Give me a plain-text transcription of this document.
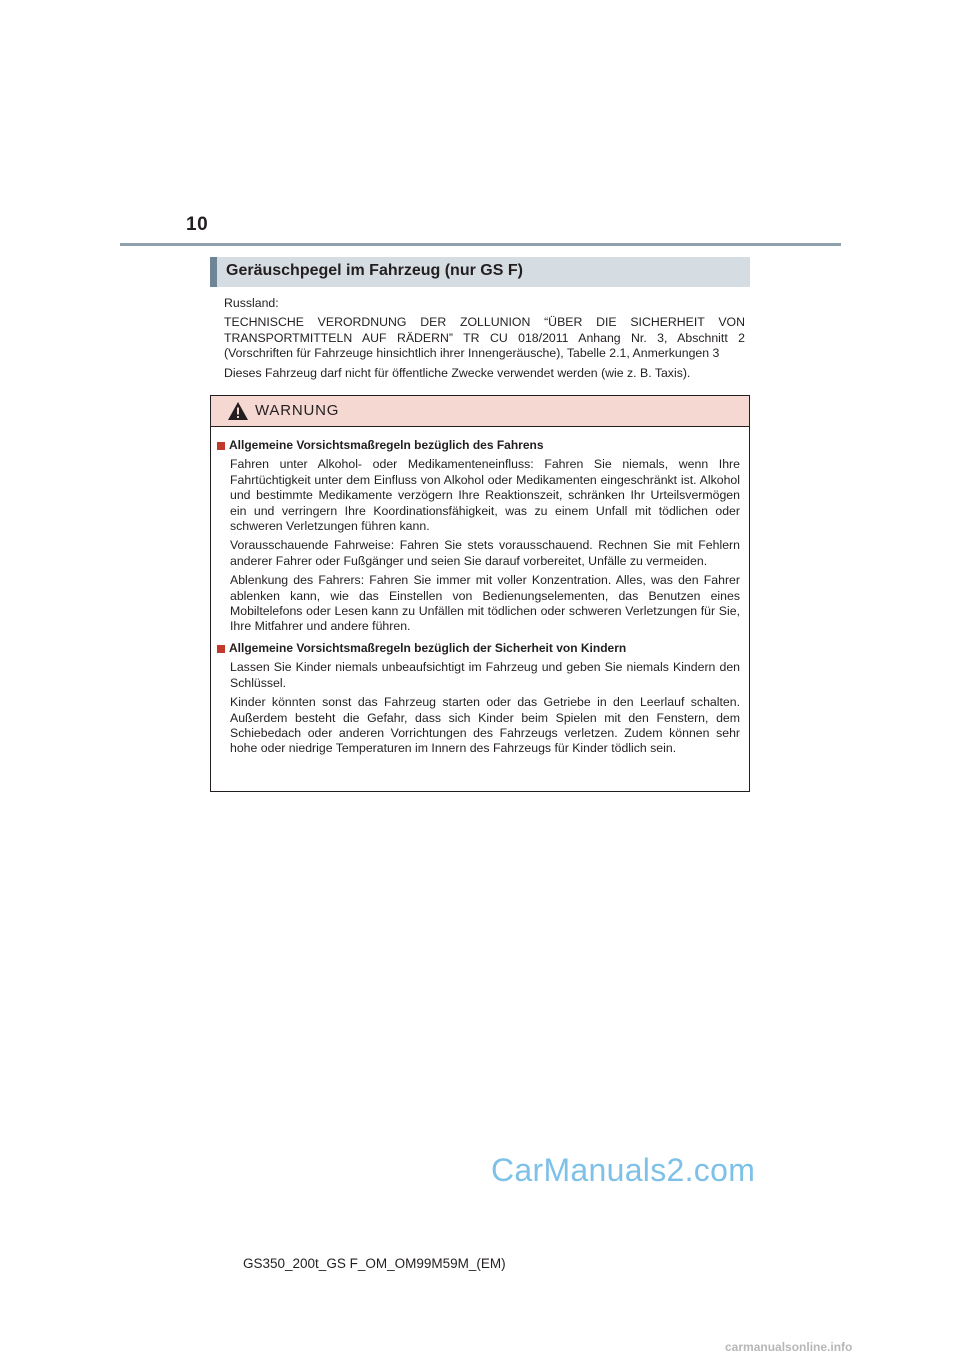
10
Geräuschpegel im Fahrzeug (nur GS F)

Russland:

TECHNISCHE VERORDNUNG DER ZOLLUNION “ÜBER DIE SICHERHEIT VON TRANSPORTMITTELN AUF RÄDERN” TR CU 018/2011 Anhang Nr. 3, Abschnitt 2 (Vorschriften für Fahrzeuge hinsichtlich ihrer Innengeräusche), Tabelle 2.1, Anmerkungen 3

Dieses Fahrzeug darf nicht für öffentliche Zwecke verwendet werden (wie z. B. Taxis).

WARNUNG

Allgemeine Vorsichtsmaßregeln bezüglich des Fahrens

Fahren unter Alkohol- oder Medikamenteneinfluss: Fahren Sie niemals, wenn Ihre Fahrtüchtigkeit unter dem Einfluss von Alkohol oder Medikamenten eingeschränkt ist. Alkohol und bestimmte Medikamente verzögern Ihre Reaktionszeit, schränken Ihr Urteilsvermögen ein und verringern Ihre Koordinationsfähigkeit, was zu einem Unfall mit tödlichen oder schweren Verletzungen führen kann.

Vorausschauende Fahrweise: Fahren Sie stets vorausschauend. Rechnen Sie mit Fehlern anderer Fahrer oder Fußgänger und seien Sie darauf vorbereitet, Unfälle zu vermeiden.

Ablenkung des Fahrers: Fahren Sie immer mit voller Konzentration. Alles, was den Fahrer ablenken kann, wie das Einstellen von Bedienungselementen, das Benutzen eines Mobiltelefons oder Lesen kann zu Unfällen mit tödlichen oder schweren Verletzungen für Sie, Ihre Mitfahrer und andere führen.

Allgemeine Vorsichtsmaßregeln bezüglich der Sicherheit von Kindern

Lassen Sie Kinder niemals unbeaufsichtigt im Fahrzeug und geben Sie niemals Kindern den Schlüssel.

Kinder könnten sonst das Fahrzeug starten oder das Getriebe in den Leerlauf schalten. Außerdem besteht die Gefahr, dass sich Kinder beim Spielen mit den Fenstern, dem Schiebedach oder anderen Vorrichtungen des Fahrzeugs verletzen. Zudem können sehr hohe oder niedrige Temperaturen im Innern des Fahrzeugs für Kinder tödlich sein.

CarManuals2.com
GS350_200t_GS F_OM_OM99M59M_(EM)
carmanualsonline.info
